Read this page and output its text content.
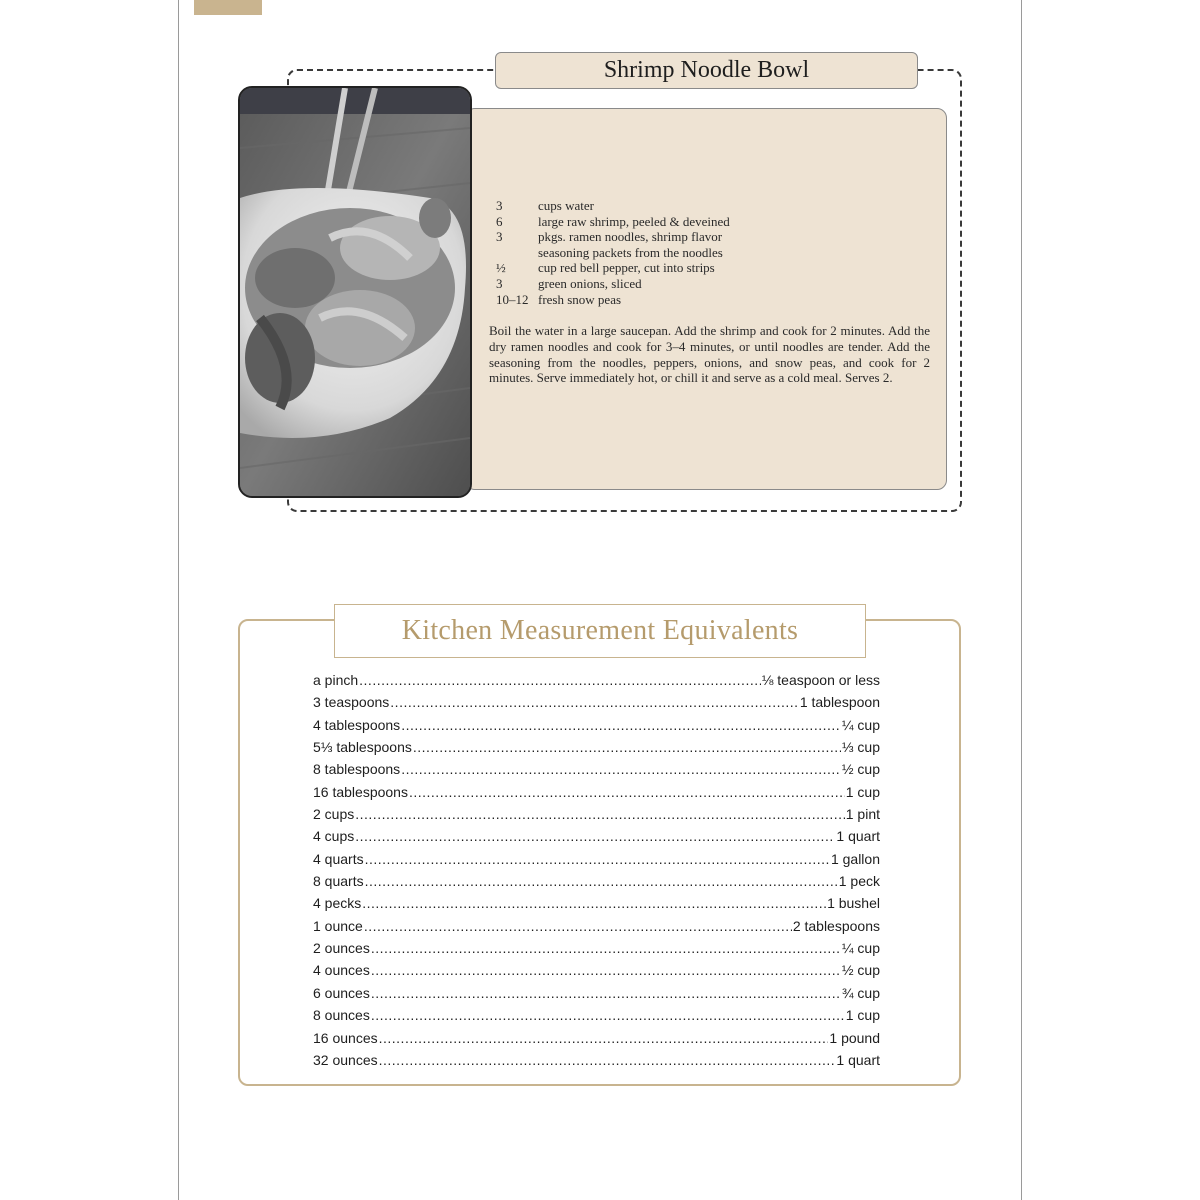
Shrimp Noodle Bowl
3	cups water
6	large raw shrimp, peeled & deveined
3	pkgs. ramen noodles, shrimp flavor
seasoning packets from the noodles
½	cup red bell pepper, cut into strips
3	green onions, sliced
10–12 fresh snow peas
Boil the water in a large saucepan. Add the shrimp and cook for 2 minutes. Add the dry ramen noodles and cook for 3–4 minutes, or until noodles are tender. Add the seasoning from the noodles, peppers, onions, and snow peas, and cook for 2 minutes. Serve immediately hot, or chill it and serve as a cold meal. Serves 2.
Kitchen Measurement Equivalents
a pinch .....	⅛ teaspoon or less
3 teaspoons .....	1 tablespoon
4 tablespoons .....	¼ cup
5⅓ tablespoons .....	⅓ cup
8 tablespoons .....	½ cup
16 tablespoons .....	1 cup
2 cups .....	1 pint
4 cups .....	1 quart
4 quarts .....	1 gallon
8 quarts .....	1 peck
4 pecks .....	1 bushel
1 ounce .....	2 tablespoons
2 ounces .....	¼ cup
4 ounces .....	½ cup
6 ounces .....	¾ cup
8 ounces .....	1 cup
16 ounces .....	1 pound
32 ounces .....	1 quart
